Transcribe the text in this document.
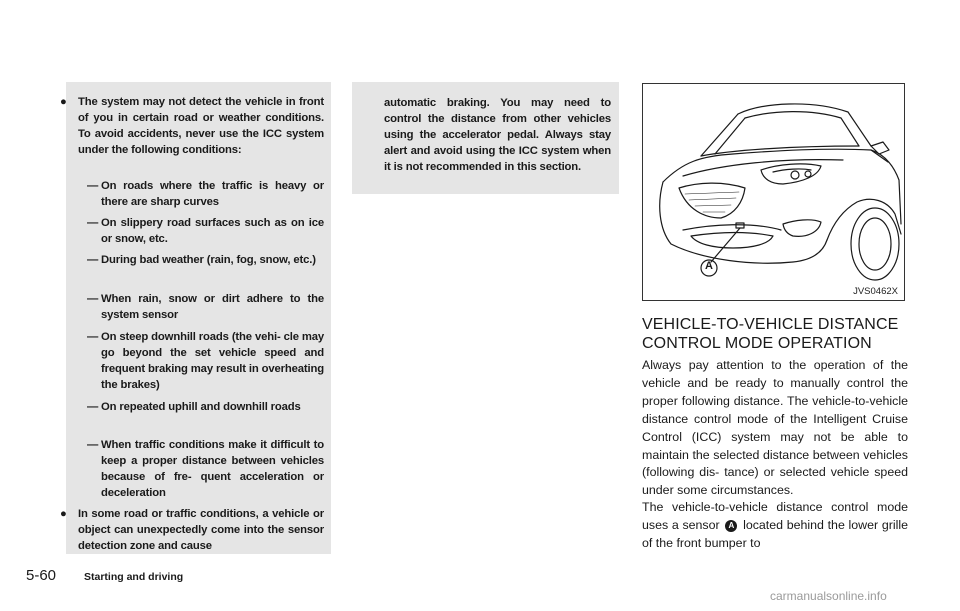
● The system may not detect the vehicle in front of you in certain road or weather conditions. To avoid accidents, never use the ICC system under the following conditions:
— On roads where the traffic is heavy or there are sharp curves
— On slippery road surfaces such as on ice or snow, etc.
— During bad weather (rain, fog, snow, etc.)
— When rain, snow or dirt adhere to the system sensor
— On steep downhill roads (the vehi- cle may go beyond the set vehicle speed and frequent braking may result in overheating the brakes)
— On repeated uphill and downhill roads
— When traffic conditions make it difficult to keep a proper distance between vehicles because of fre- quent acceleration or deceleration
● In some road or traffic conditions, a vehicle or object can unexpectedly come into the sensor detection zone and cause
automatic braking. You may need to control the distance from other vehicles using the accelerator pedal. Always stay alert and avoid using the ICC system when it is not recommended in this section.
A
JVS0462X
VEHICLE-TO-VEHICLE DISTANCE
CONTROL MODE OPERATION
Always pay attention to the operation of the vehicle and be ready to manually control the proper following distance. The vehicle-to-vehicle distance control mode of the Intelligent Cruise Control (ICC) system may not be able to maintain the selected distance between vehicles (following dis- tance) or selected vehicle speed under some circumstances.
The vehicle-to-vehicle distance control mode uses a sensor A located behind the lower grille of the front bumper to
5-60	Starting and driving
carmanualsonline.info
